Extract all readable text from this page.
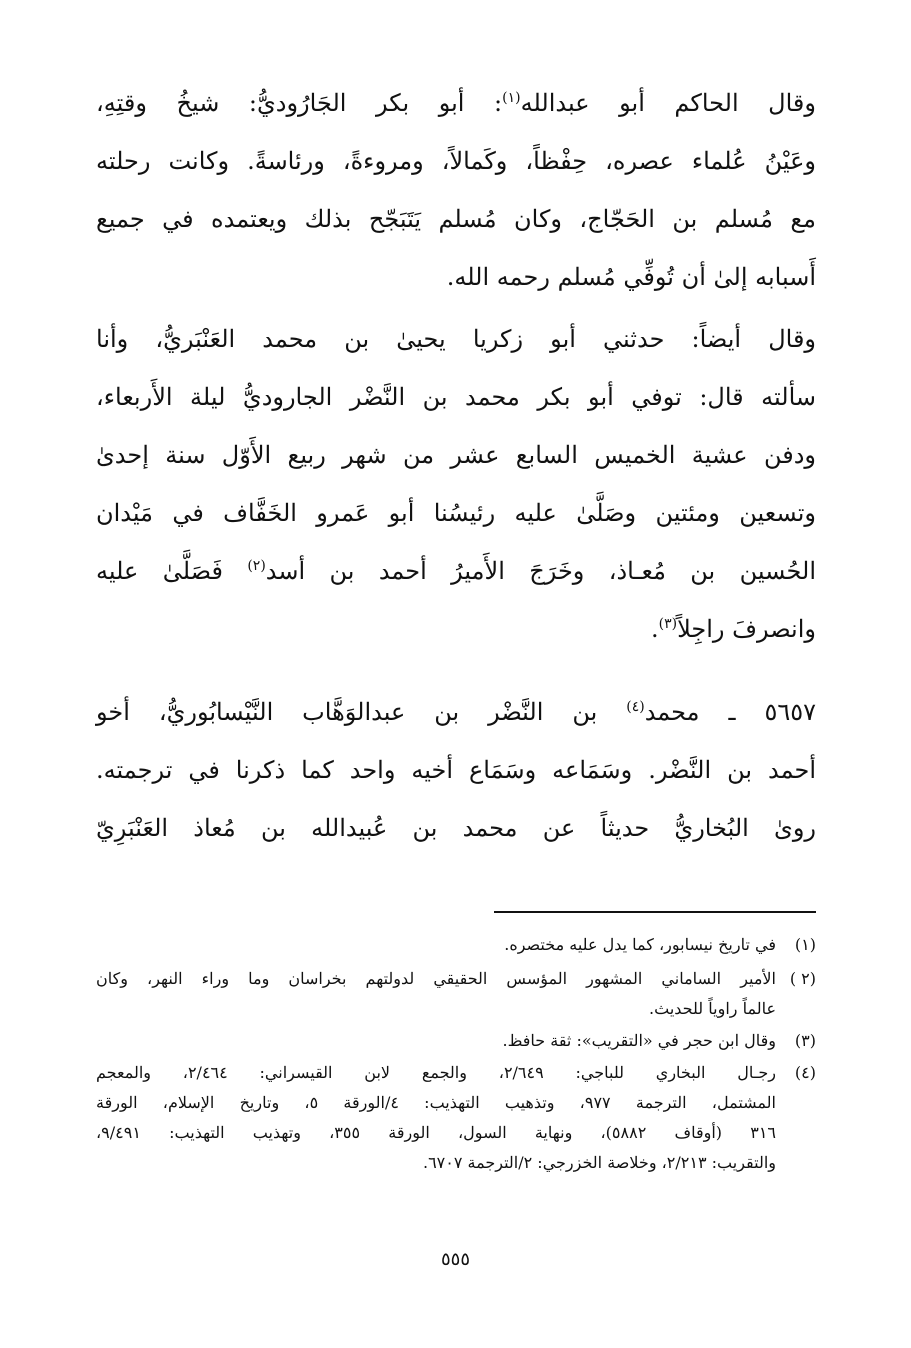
وقال الحاكم أبو عبدالله$^{(١)}$: أبو بكر الجَارُوديُّ: شيخُ وقتِهِ،
وعَيْنُ عُلماء عصره، حِفْظاً، وكَمالاً، ومروءةً، ورئاسةً. وكانت رحلته
مع مُسلم بن الحَجّاج، وكان مُسلم يَتَبَجّح بذلك ويعتمده في جميع
أَسبابه إلىٰ أن تُوفِّي مُسلم رحمه الله.
وقال أيضاً: حدثني أبو زكريا يحيىٰ بن محمد العَنْبَريُّ، وأنا
سألته قال: توفي أبو بكر محمد بن النَّضْر الجاروديُّ ليلة الأَربعاء،
ودفن عشية الخميس السابع عشر من شهر ربيع الأَوّل سنة إحدىٰ
وتسعين ومئتين وصَلَّىٰ عليه رئيسُنا أبو عَمرو الخَفَّاف في مَيْدان
الحُسين بن مُعـاذ، وخَرَجَ الأَميرُ أحمد بن أسد$^{(٢)}$ فَصَلَّىٰ عليه
وانصرفَ راجِلاً$^{(٣)}$.
٥٦٥٧ ـ محمد$^{(٤)}$ بن النَّضْر بن عبدالوَهَّاب النَّيْسابُوريُّ، أخو
أحمد بن النَّضْر. وسَمَاعه وسَمَاع أخيه واحد كما ذكرنا في ترجمته.
روىٰ البُخاريُّ حديثاً عن محمد بن عُبيدالله بن مُعاذ العَنْبَرِيّ
(١)
في تاريخ نيسابور، كما يدل عليه مختصره.
(٢ )
الأمير الساماني المشهور المؤسس الحقيقي لدولتهم بخراسان وما وراء النهر، وكان
عالماً راوياً للحديث.
(٣)
وقال ابن حجر في «التقريب»: ثقة حافظ.
(٤)
رجـال البخاري للباجي: ٢/٦٤٩، والجمع لابن القيسراني: ٢/٤٦٤، والمعجم
المشتمل، الترجمة ٩٧٧، وتذهيب التهذيب: ٤/الورقة ٥، وتاريخ الإسلام، الورقة
٣١٦ (أوقاف ٥٨٨٢)، ونهاية السول، الورقة ٣٥٥، وتهذيب التهذيب: ٩/٤٩١،
والتقريب: ٢/٢١٣، وخلاصة الخزرجي: ٢/الترجمة ٦٧٠٧.
٥٥٥
